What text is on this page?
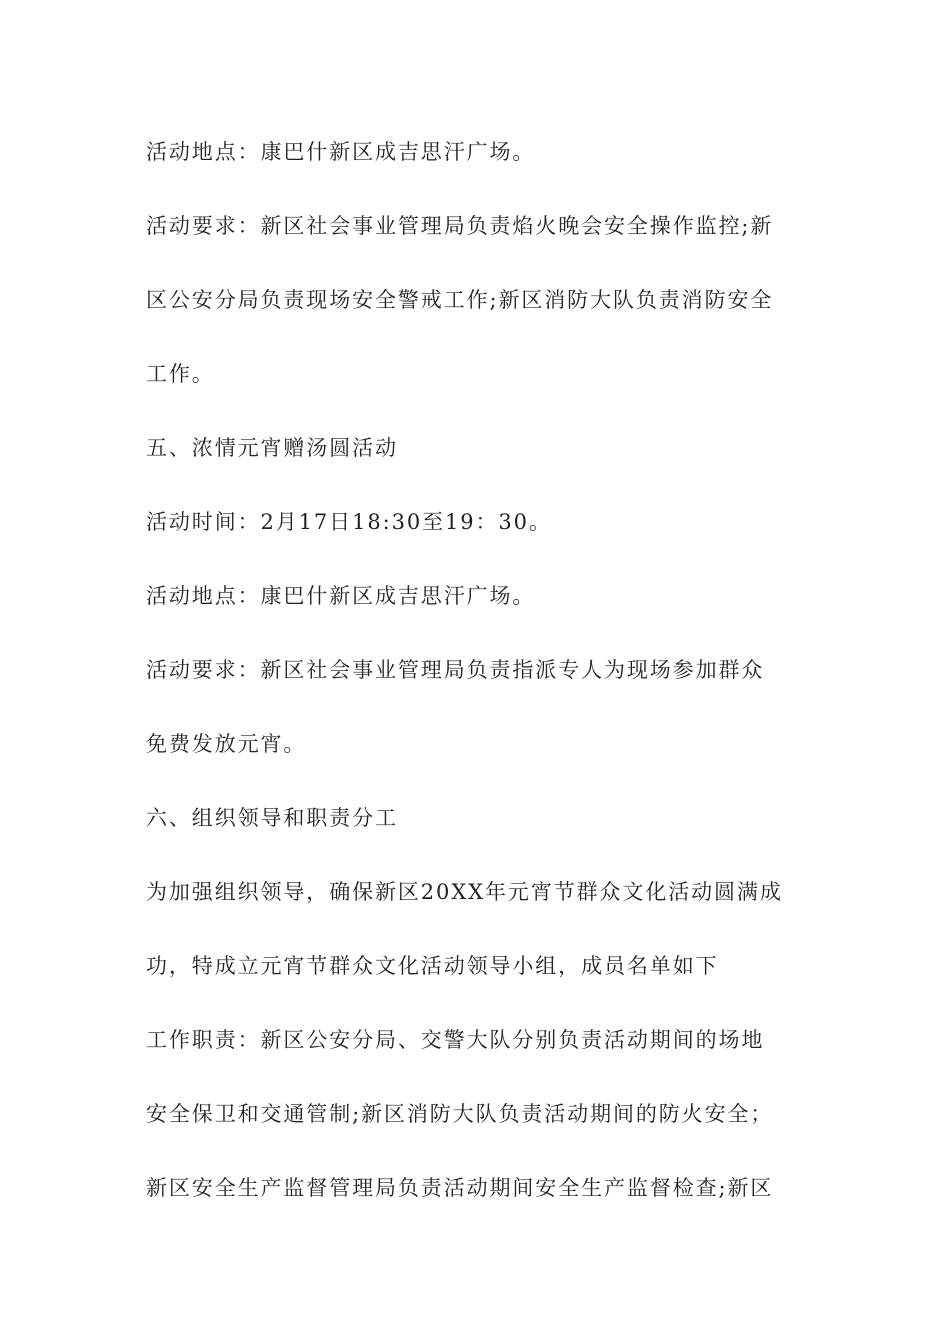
活动地点：康巴什新区成吉思汗广场。
活动要求：新区社会事业管理局负责焰火晚会安全操作监控;新
区公安分局负责现场安全警戒工作;新区消防大队负责消防安全
工作。
五、浓情元宵赠汤圆活动
活动时间：2月17日18:30至19：30。
活动地点：康巴什新区成吉思汗广场。
活动要求：新区社会事业管理局负责指派专人为现场参加群众
免费发放元宵。
六、组织领导和职责分工
为加强组织领导，确保新区20XX年元宵节群众文化活动圆满成
功，特成立元宵节群众文化活动领导小组，成员名单如下
工作职责：新区公安分局、交警大队分别负责活动期间的场地
安全保卫和交通管制;新区消防大队负责活动期间的防火安全；
新区安全生产监督管理局负责活动期间安全生产监督检查;新区
